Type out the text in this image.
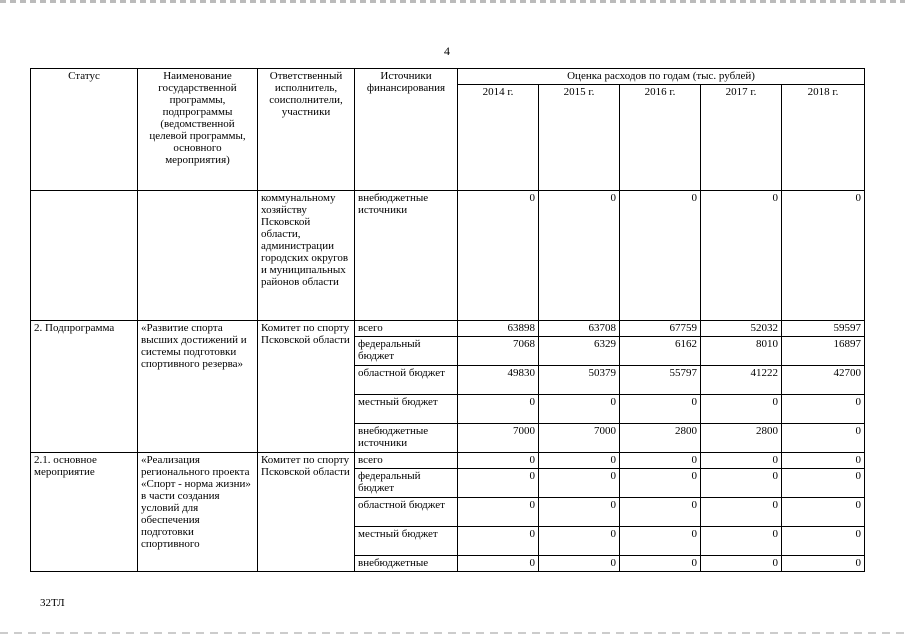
4
Статус	Наименование государственной программы, подпрограммы (ведомственной целевой программы, основного мероприятия)	Ответственный исполнитель, соисполнители, участники	Источники финансирования	Оценка расходов по годам (тыс. рублей)				
				2014 г.	2015 г.	2016 г.	2017 г.	2018 г.
		коммунальному хозяйству Псковской области, администрации городских округов и муниципальных районов области	внебюджетные источники	0	0	0	0	0
2. Подпрограмма	«Развитие спорта высших достижений и системы подготовки спортивного резерва»	Комитет по спорту Псковской области	всего	63898	63708	67759	52032	59597
			федеральный бюджет	7068	6329	6162	8010	16897
			областной бюджет	49830	50379	55797	41222	42700
			местный бюджет	0	0	0	0	0
			внебюджетные источники	7000	7000	2800	2800	0
2.1. основное мероприятие	«Реализация регионального проекта «Спорт - норма жизни» в части создания условий для обеспечения подготовки спортивного	Комитет по спорту Псковской области	всего	0	0	0	0	0
			федеральный бюджет	0	0	0	0	0
			областной бюджет	0	0	0	0	0
			местный бюджет	0	0	0	0	0
			внебюджетные	0	0	0	0	0
32ТЛ
